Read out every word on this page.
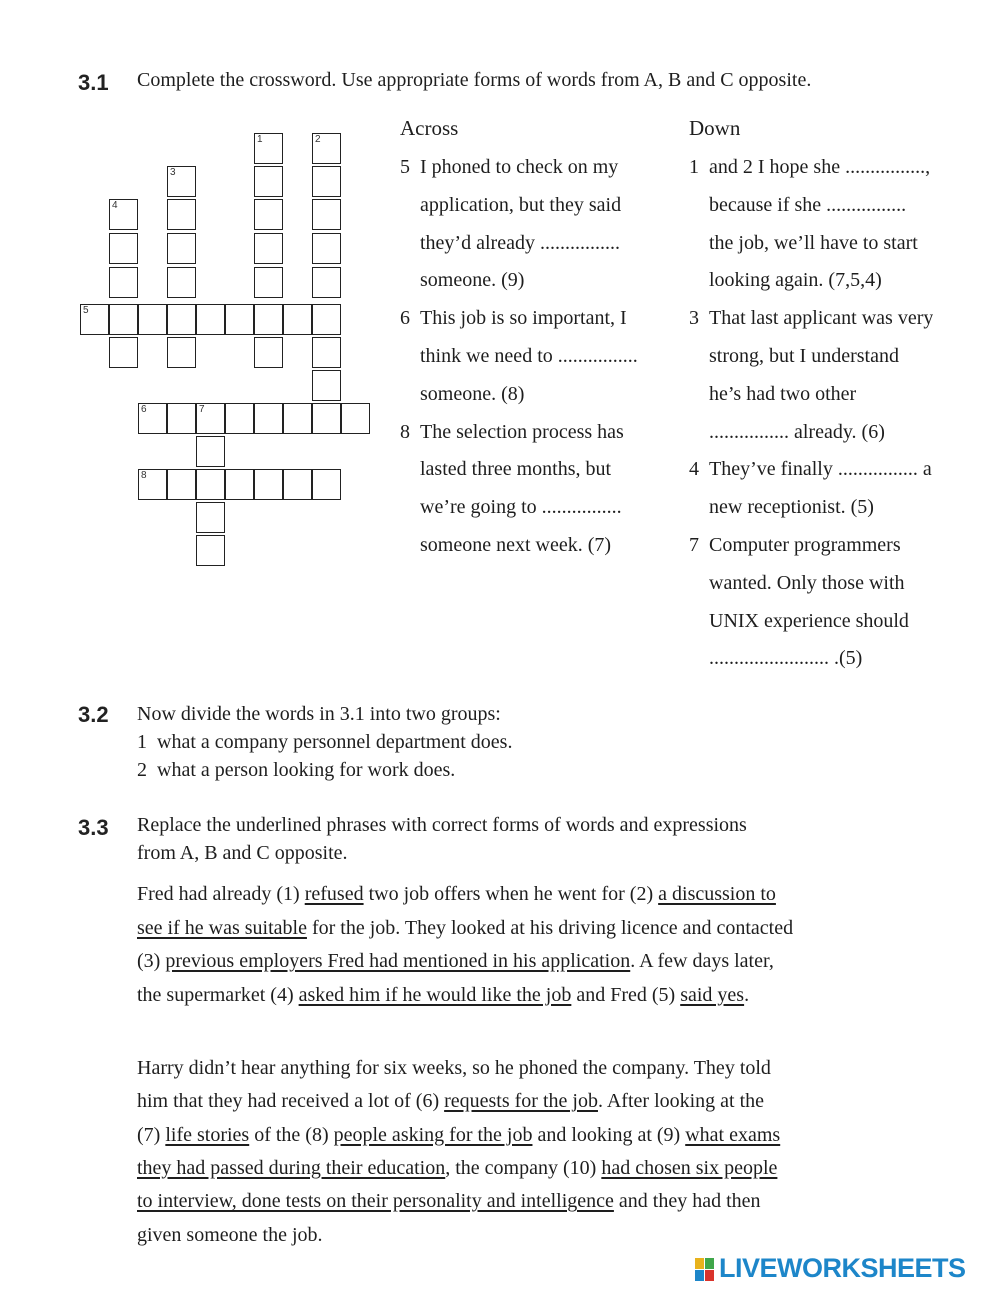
3.1 Complete the crossword. Use appropriate forms of words from A, B and C opposite.
1	2
3
4
5
6	7
8
Across
5 I phoned to check on my
application, but they said
they’d already ................
someone. (9)
6 This job is so important, I
think we need to ................
someone. (8)
8 The selection process has
lasted three months, but
we’re going to ................
someone next week. (7)
Down
1 and 2 I hope she ................,
because if she ................
the job, we’ll have to start
looking again. (7,5,4)
3 That last applicant was very
strong, but I understand
he’s had two other
................ already. (6)
4 They’ve finally ................ a
new receptionist. (5)
7 Computer programmers
wanted. Only those with
UNIX experience should
........................ .(5)
3.2 Now divide the words in 3.1 into two groups:
1 what a company personnel department does.
2 what a person looking for work does.
3.3 Replace the underlined phrases with correct forms of words and expressions
from A, B and C opposite.
Fred had already (1) refused two job offers when he went for (2) a discussion to
see if he was suitable for the job. They looked at his driving licence and contacted
(3) previous employers Fred had mentioned in his application. A few days later,
the supermarket (4) asked him if he would like the job and Fred (5) said yes.
Harry didn’t hear anything for six weeks, so he phoned the company. They told
him that they had received a lot of (6) requests for the job. After looking at the
(7) life stories of the (8) people asking for the job and looking at (9) what exams
they had passed during their education, the company (10) had chosen six people
to interview, done tests on their personality and intelligence and they had then
given someone the job.
LIVEWORKSHEETS
